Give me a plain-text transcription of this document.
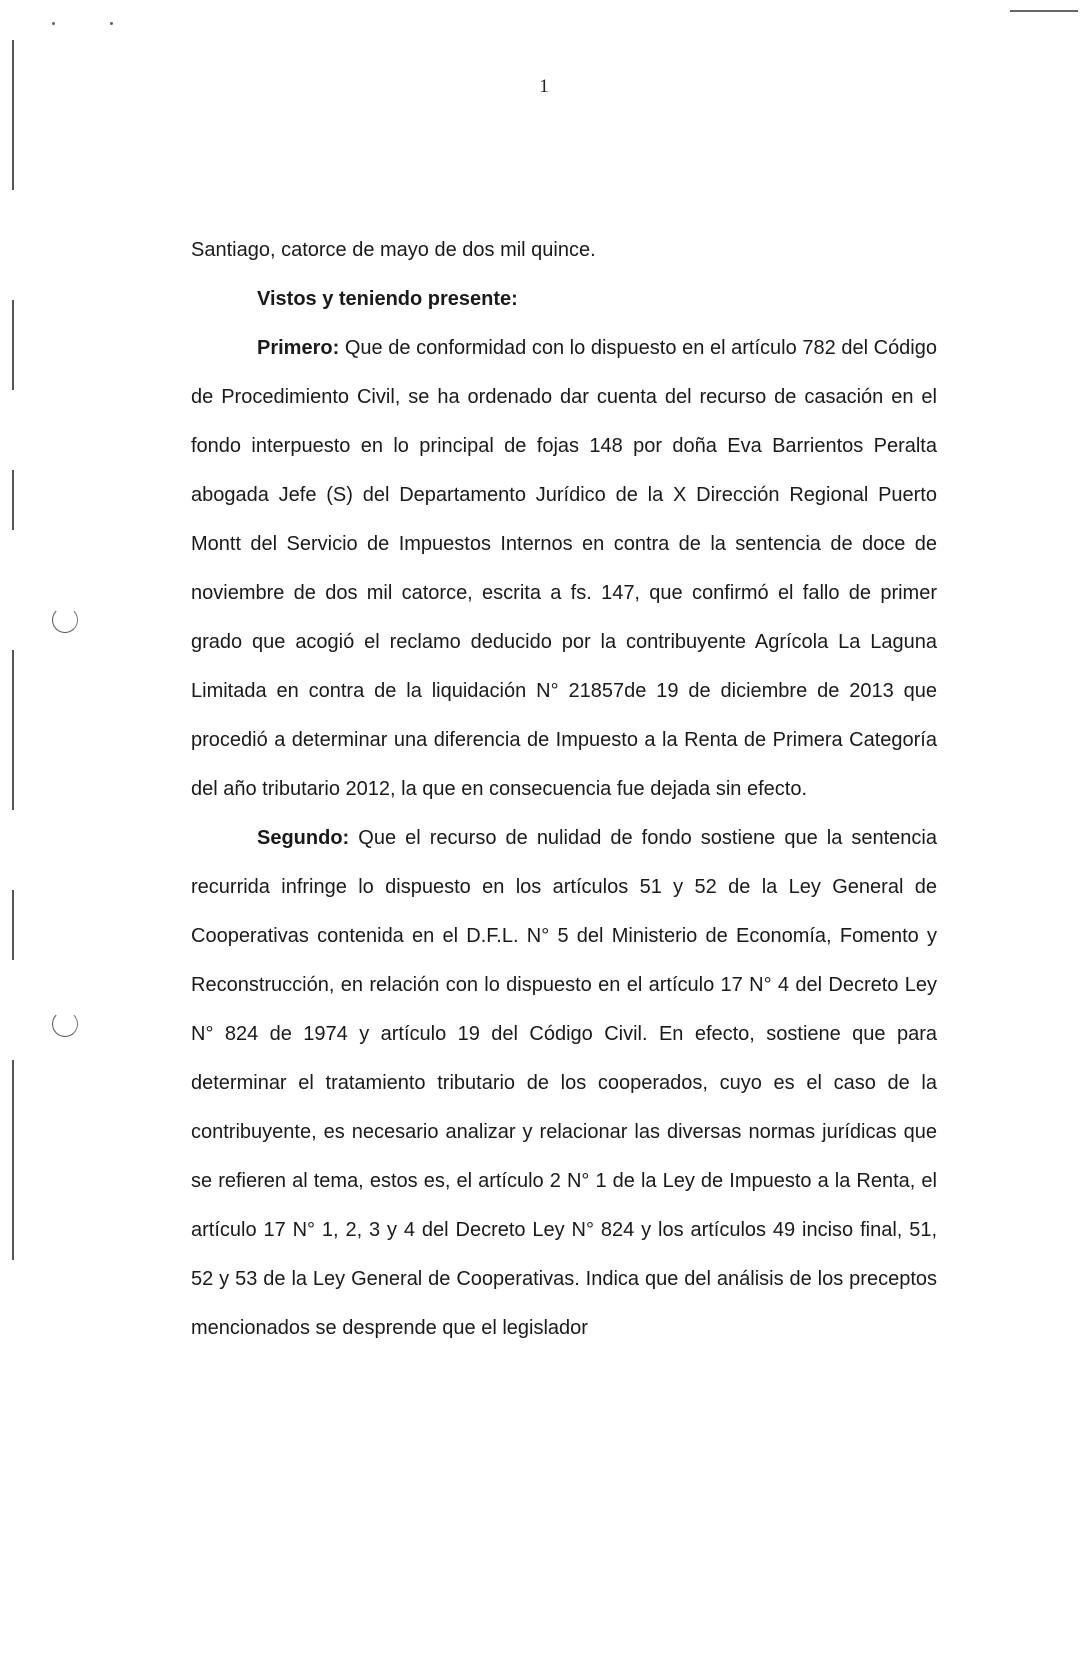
1

Santiago, catorce de mayo de dos mil quince.

Vistos y teniendo presente:

Primero: Que de conformidad con lo dispuesto en el artículo 782 del Código de Procedimiento Civil, se ha ordenado dar cuenta del recurso de casación en el fondo interpuesto en lo principal de fojas 148 por doña Eva Barrientos Peralta abogada Jefe (S) del Departamento Jurídico de la X Dirección Regional Puerto Montt del Servicio de Impuestos Internos en contra de la sentencia de doce de noviembre de dos mil catorce, escrita a fs. 147, que confirmó el fallo de primer grado que acogió el reclamo deducido por la contribuyente Agrícola La Laguna Limitada en contra de la liquidación N° 21857de 19 de diciembre de 2013 que procedió a determinar una diferencia de Impuesto a la Renta de Primera Categoría del año tributario 2012, la que en consecuencia fue dejada sin efecto.

Segundo: Que el recurso de nulidad de fondo sostiene que la sentencia recurrida infringe lo dispuesto en los artículos 51 y 52 de la Ley General de Cooperativas contenida en el D.F.L. N° 5 del Ministerio de Economía, Fomento y Reconstrucción, en relación con lo dispuesto en el artículo 17 N° 4 del Decreto Ley N° 824 de 1974 y artículo 19 del Código Civil. En efecto, sostiene que para determinar el tratamiento tributario de los cooperados, cuyo es el caso de la contribuyente, es necesario analizar y relacionar las diversas normas jurídicas que se refieren al tema, estos es, el artículo 2 N° 1 de la Ley de Impuesto a la Renta, el artículo 17 N° 1, 2, 3 y 4 del Decreto Ley N° 824 y los artículos 49 inciso final, 51, 52 y 53 de la Ley General de Cooperativas. Indica que del análisis de los preceptos mencionados se desprende que el legislador
